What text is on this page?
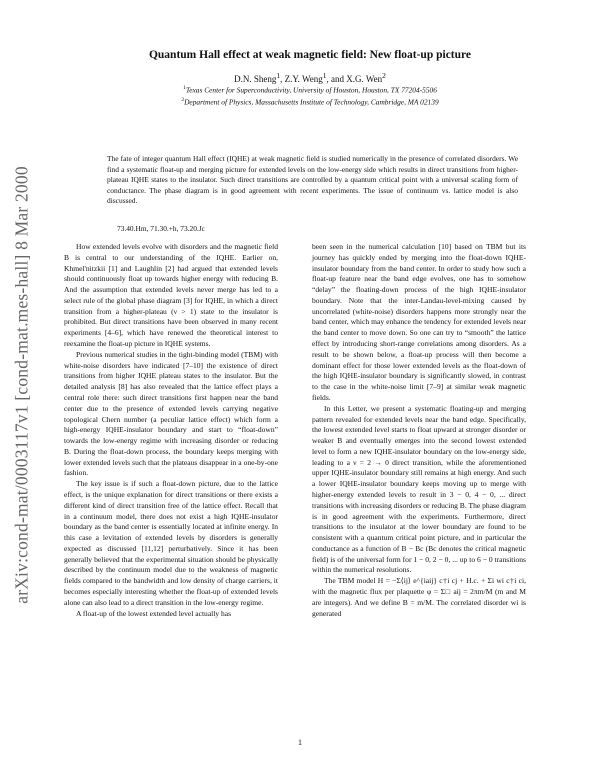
arXiv:cond-mat/0003117v1 [cond-mat.mes-hall] 8 Mar 2000
Quantum Hall effect at weak magnetic field: New float-up picture
D.N. Sheng$^1$, Z.Y. Weng$^1$, and X.G. Wen$^2$
$^1$Texas Center for Superconductivity, University of Houston, Houston, TX 77204-5506
$^2$Department of Physics, Massachusetts Institute of Technology, Cambridge, MA 02139
The fate of integer quantum Hall effect (IQHE) at weak magnetic field is studied numerically in the presence of correlated disorders. We find a systematic float-up and merging picture for extended levels on the low-energy side which results in direct transitions from higher-plateau IQHE states to the insulator. Such direct transitions are controlled by a quantum critical point with a universal scaling form of conductance. The phase diagram is in good agreement with recent experiments. The issue of continuum vs. lattice model is also discussed.
73.40.Hm, 71.30.+h, 73.20.Jc

How extended levels evolve with disorders and the magnetic field B is central to our understanding of the IQHE. Earlier on, Khmel'nitzkii [1] and Laughlin [2] had argued that extended levels should continuously float up towards higher energy with reducing B. And the assumption that extended levels never merge has led to a select rule of the global phase diagram [3] for IQHE, in which a direct transition from a higher-plateau (ν > 1) state to the insulator is prohibited. But direct transitions have been observed in many recent experiments [4–6], which have renewed the theoretical interest to reexamine the float-up picture in IQHE systems.

Previous numerical studies in the tight-binding model (TBM) with white-noise disorders have indicated [7–10] the existence of direct transitions from higher IQHE plateau states to the insulator. But the detailed analysis [8] has also revealed that the lattice effect plays a central role there: such direct transitions first happen near the band center due to the presence of extended levels carrying negative topological Chern number (a peculiar lattice effect) which form a high-energy IQHE-insulator boundary and start to “float-down” towards the low-energy regime with increasing disorder or reducing B. During the float-down process, the boundary keeps merging with lower extended levels such that the plateaus disappear in a one-by-one fashion.

The key issue is if such a float-down picture, due to the lattice effect, is the unique explanation for direct transitions or there exists a different kind of direct transition free of the lattice effect. Recall that in a continuum model, there does not exist a high IQHE-insulator boundary as the band center is essentially located at infinite energy. In this case a levitation of extended levels by disorders is generally expected as discussed [11,12] perturbatively. Since it has been generally believed that the experimental situation should be physically described by the continuum model due to the weakness of magnetic fields compared to the bandwidth and low density of charge carriers, it becomes especially interesting whether the float-up of extended levels alone can also lead to a direct transition in the low-energy regime.

A float-up of the lowest extended level actually has

been seen in the numerical calculation [10] based on TBM but its journey has quickly ended by merging into the float-down IQHE-insulator boundary from the band center. In order to study how such a float-up feature near the band edge evolves, one has to somehow “delay” the floating-down process of the high IQHE-insulator boundary. Note that the inter-Landau-level-mixing caused by uncorrelated (white-noise) disorders happens more strongly near the band center, which may enhance the tendency for extended levels near the band center to move down. So one can try to “smooth” the lattice effect by introducing short-range correlations among disorders. As a result to be shown below, a float-up process will then become a dominant effect for those lower extended levels as the float-down of the high IQHE-insulator boundary is significantly slowed, in contrast to the case in the white-noise limit [7–9] at similar weak magnetic fields.

In this Letter, we present a systematic floating-up and merging pattern revealed for extended levels near the band edge. Specifically, the lowest extended level starts to float upward at stronger disorder or weaker B and eventually emerges into the second lowest extended level to form a new IQHE-insulator boundary on the low-energy side, leading to a ν = 2 → 0 direct transition, while the aforementioned upper IQHE-insulator boundary still remains at high energy. And such a lower IQHE-insulator boundary keeps moving up to merge with higher-energy extended levels to result in 3 − 0, 4 − 0, ... direct transitions with increasing disorders or reducing B. The phase diagram is in good agreement with the experiments. Furthermore, direct transitions to the insulator at the lower boundary are found to be consistent with a quantum critical point picture, and in particular the conductance as a function of B − Bc (Bc denotes the critical magnetic field) is of the universal form for 1 − 0, 2 − 0, ... up to 6 − 0 transitions within the numerical resolutions.

The TBM model H = −Σ⟨ij⟩ e^{iaij} c†i cj + H.c. + Σi wi c†i ci, with the magnetic flux per plaquette φ = Σ□ aij = 2πm/M (m and M are integers). And we define B = m/M. The correlated disorder wi is generated

1
